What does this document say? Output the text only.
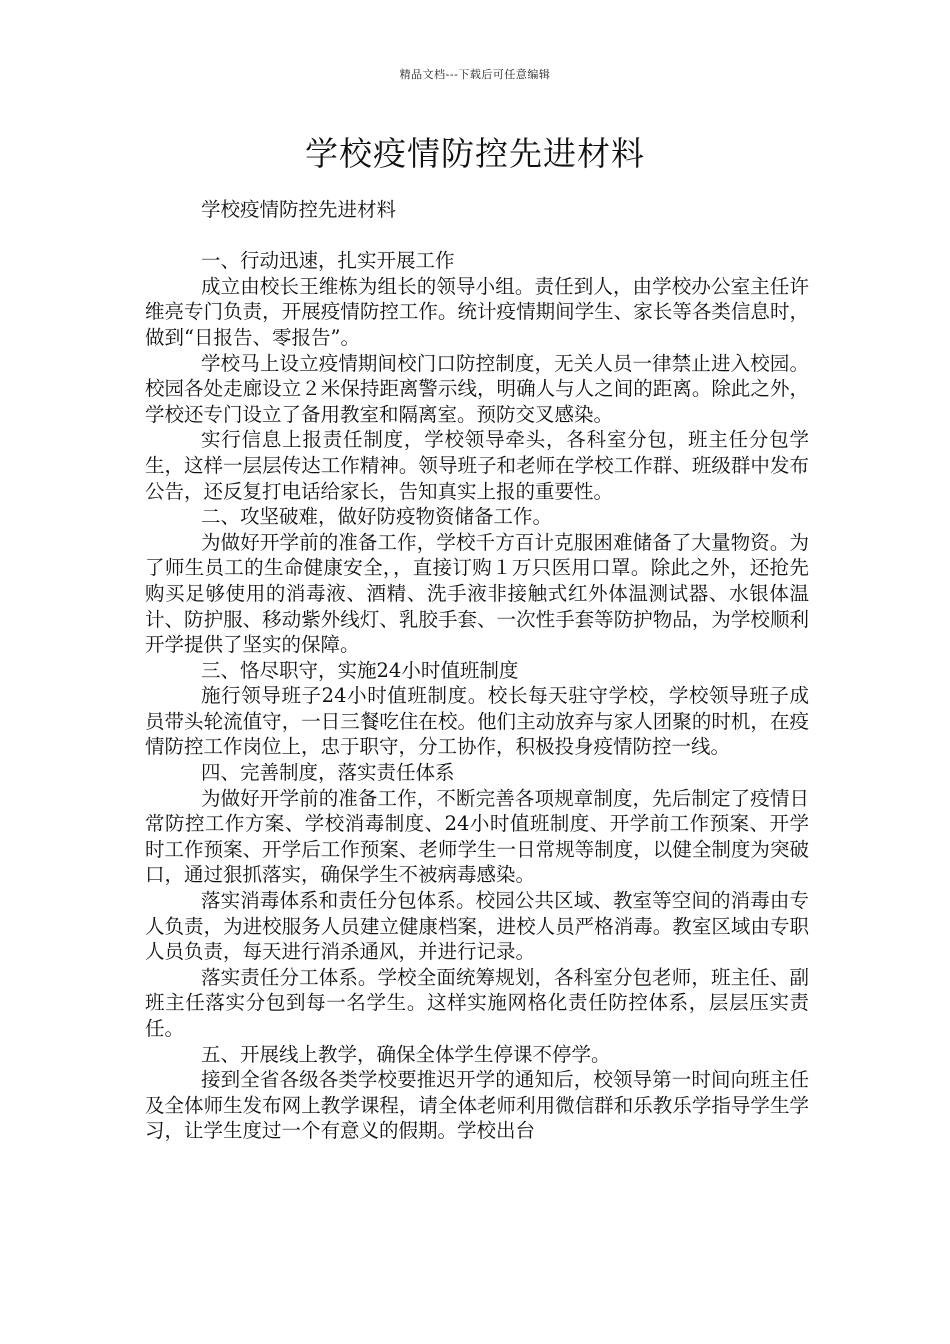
精品文档---下载后可任意编辑
学校疫情防控先进材料

学校疫情防控先进材料

一、行动迅速，扎实开展工作

成立由校长王维栋为组长的领导小组。责任到人，由学校办公室主任许维亮专门负责，开展疫情防控工作。统计疫情期间学生、家长等各类信息时，做到“日报告、零报告”。

学校马上设立疫情期间校门口防控制度，无关人员一律禁止进入校园。校园各处走廊设立２米保持距离警示线，明确人与人之间的距离。除此之外，学校还专门设立了备用教室和隔离室。预防交叉感染。

实行信息上报责任制度，学校领导牵头，各科室分包，班主任分包学生，这样一层层传达工作精神。领导班子和老师在学校工作群、班级群中发布公告，还反复打电话给家长，告知真实上报的重要性。

二、攻坚破难，做好防疫物资储备工作。

为做好开学前的准备工作，学校千方百计克服困难储备了大量物资。为了师生员工的生命健康安全，，直接订购１万只医用口罩。除此之外，还抢先购买足够使用的消毒液、酒精、洗手液非接触式红外体温测试器、水银体温计、防护服、移动紫外线灯、乳胶手套、一次性手套等防护物品，为学校顺利开学提供了坚实的保障。

三、恪尽职守，实施24小时值班制度

施行领导班子24小时值班制度。校长每天驻守学校，学校领导班子成员带头轮流值守，一日三餐吃住在校。他们主动放弃与家人团聚的时机，在疫情防控工作岗位上，忠于职守，分工协作，积极投身疫情防控一线。

四、完善制度，落实责任体系

为做好开学前的准备工作，不断完善各项规章制度，先后制定了疫情日常防控工作方案、学校消毒制度、24小时值班制度、开学前工作预案、开学时工作预案、开学后工作预案、老师学生一日常规等制度，以健全制度为突破口，通过狠抓落实，确保学生不被病毒感染。

落实消毒体系和责任分包体系。校园公共区域、教室等空间的消毒由专人负责，为进校服务人员建立健康档案，进校人员严格消毒。教室区域由专职人员负责，每天进行消杀通风，并进行记录。

落实责任分工体系。学校全面统筹规划，各科室分包老师，班主任、副班主任落实分包到每一名学生。这样实施网格化责任防控体系，层层压实责任。

五、开展线上教学，确保全体学生停课不停学。

接到全省各级各类学校要推迟开学的通知后，校领导第一时间向班主任及全体师生发布网上教学课程，请全体老师利用微信群和乐教乐学指导学生学习，让学生度过一个有意义的假期。学校出台
